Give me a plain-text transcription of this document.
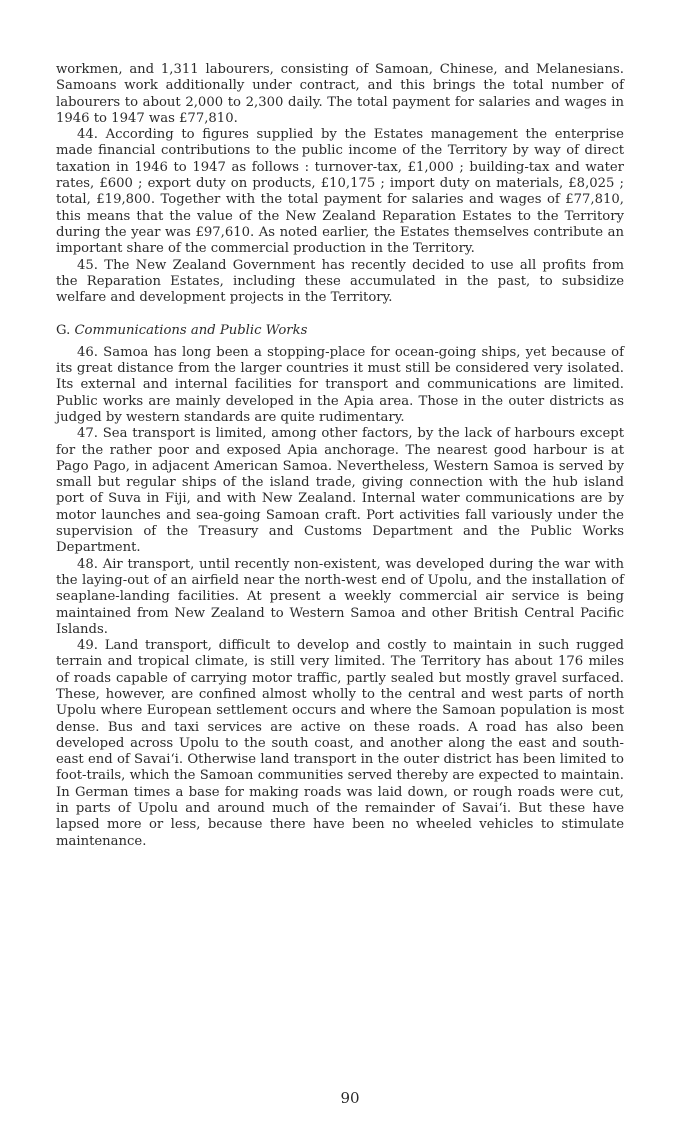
workmen, and 1,311 labourers, consisting of Samoan, Chinese, and Melanesians. Samoans work additionally under contract, and this brings the total number of labourers to about 2,000 to 2,300 daily. The total payment for salaries and wages in 1946 to 1947 was £77,810.

44. According to figures supplied by the Estates management the enterprise made financial contributions to the public income of the Territory by way of direct taxation in 1946 to 1947 as follows : turnover-tax, £1,000 ; building-tax and water rates, £600 ; export duty on products, £10,175 ; import duty on materials, £8,025 ; total, £19,800. Together with the total payment for salaries and wages of £77,810, this means that the value of the New Zealand Reparation Estates to the Territory during the year was £97,610. As noted earlier, the Estates themselves contribute an important share of the commercial production in the Territory.

45. The New Zealand Government has recently decided to use all profits from the Reparation Estates, including these accumulated in the past, to subsidize welfare and development projects in the Territory.

G. Communications and Public Works

46. Samoa has long been a stopping-place for ocean-going ships, yet because of its great distance from the larger countries it must still be considered very isolated. Its external and internal facilities for transport and communications are limited. Public works are mainly developed in the Apia area. Those in the outer districts as judged by western standards are quite rudimentary.

47. Sea transport is limited, among other factors, by the lack of harbours except for the rather poor and exposed Apia anchorage. The nearest good harbour is at Pago Pago, in adjacent American Samoa. Nevertheless, Western Samoa is served by small but regular ships of the island trade, giving connection with the hub island port of Suva in Fiji, and with New Zealand. Internal water communications are by motor launches and sea-going Samoan craft. Port activities fall variously under the supervision of the Treasury and Customs Department and the Public Works Department.

48. Air transport, until recently non-existent, was developed during the war with the laying-out of an airfield near the north-west end of Upolu, and the installation of seaplane-landing facilities. At present a weekly commercial air service is being maintained from New Zealand to Western Samoa and other British Central Pacific Islands.

49. Land transport, difficult to develop and costly to maintain in such rugged terrain and tropical climate, is still very limited. The Territory has about 176 miles of roads capable of carrying motor traffic, partly sealed but mostly gravel surfaced. These, however, are confined almost wholly to the central and west parts of north Upolu where European settlement occurs and where the Samoan population is most dense. Bus and taxi services are active on these roads. A road has also been developed across Upolu to the south coast, and another along the east and south-east end of Savai‘i. Otherwise land transport in the outer district has been limited to foot-trails, which the Samoan communities served thereby are expected to maintain. In German times a base for making roads was laid down, or rough roads were cut, in parts of Upolu and around much of the remainder of Savai‘i. But these have lapsed more or less, because there have been no wheeled vehicles to stimulate maintenance.

90
